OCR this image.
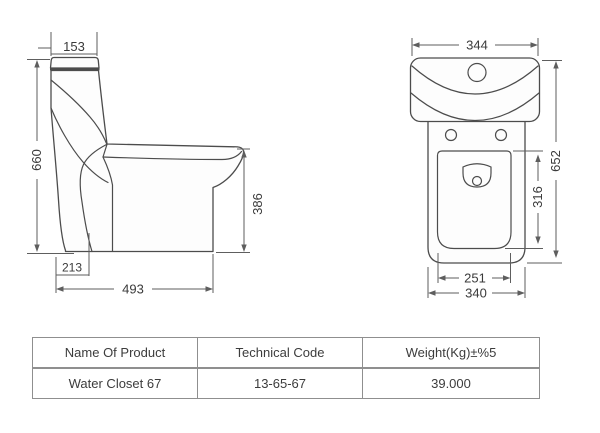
153
660
386
213
493
344
652
316
251
340
Name Of Product	Technical Code	Weight(Kg)±%5
Water Closet 67	13-65-67	39.000
